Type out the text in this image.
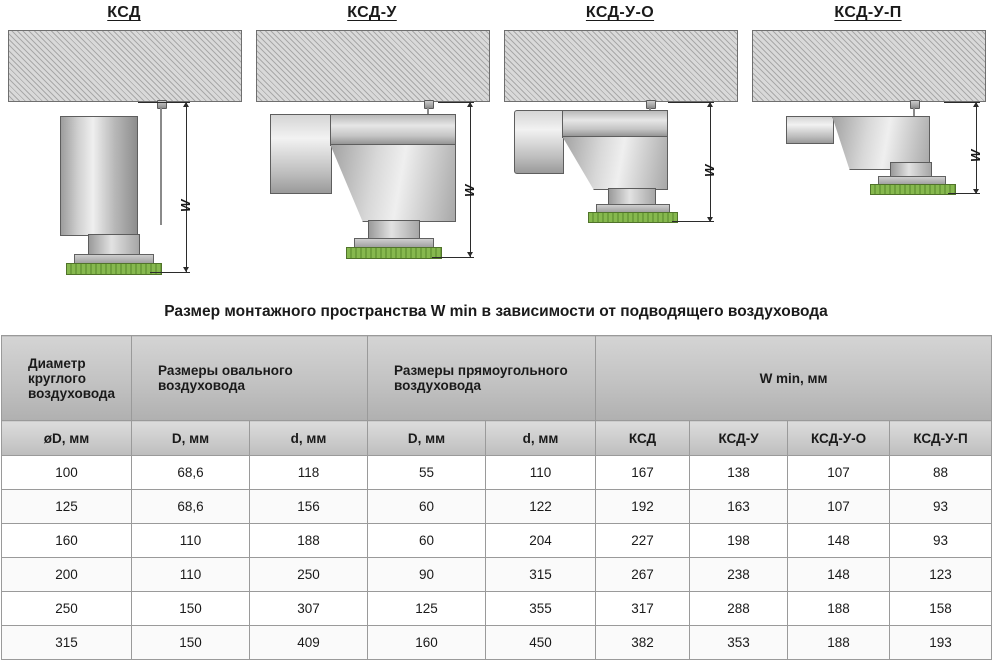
КСД
W
КСД-У
W
КСД-У-О
W
КСД-У-П
W
Размер монтажного пространства W min в зависимости от подводящего воздуховода
Диаметр круглого воздуховода	Размеры овального воздуховода		Размеры прямоугольного воздуховода		W min, мм			
øD, мм	D, мм	d, мм	D, мм	d, мм	КСД	КСД-У	КСД-У-О	КСД-У-П
100	68,6	118	55	110	167	138	107	88
125	68,6	156	60	122	192	163	107	93
160	110	188	60	204	227	198	148	93
200	110	250	90	315	267	238	148	123
250	150	307	125	355	317	288	188	158
315	150	409	160	450	382	353	188	193
